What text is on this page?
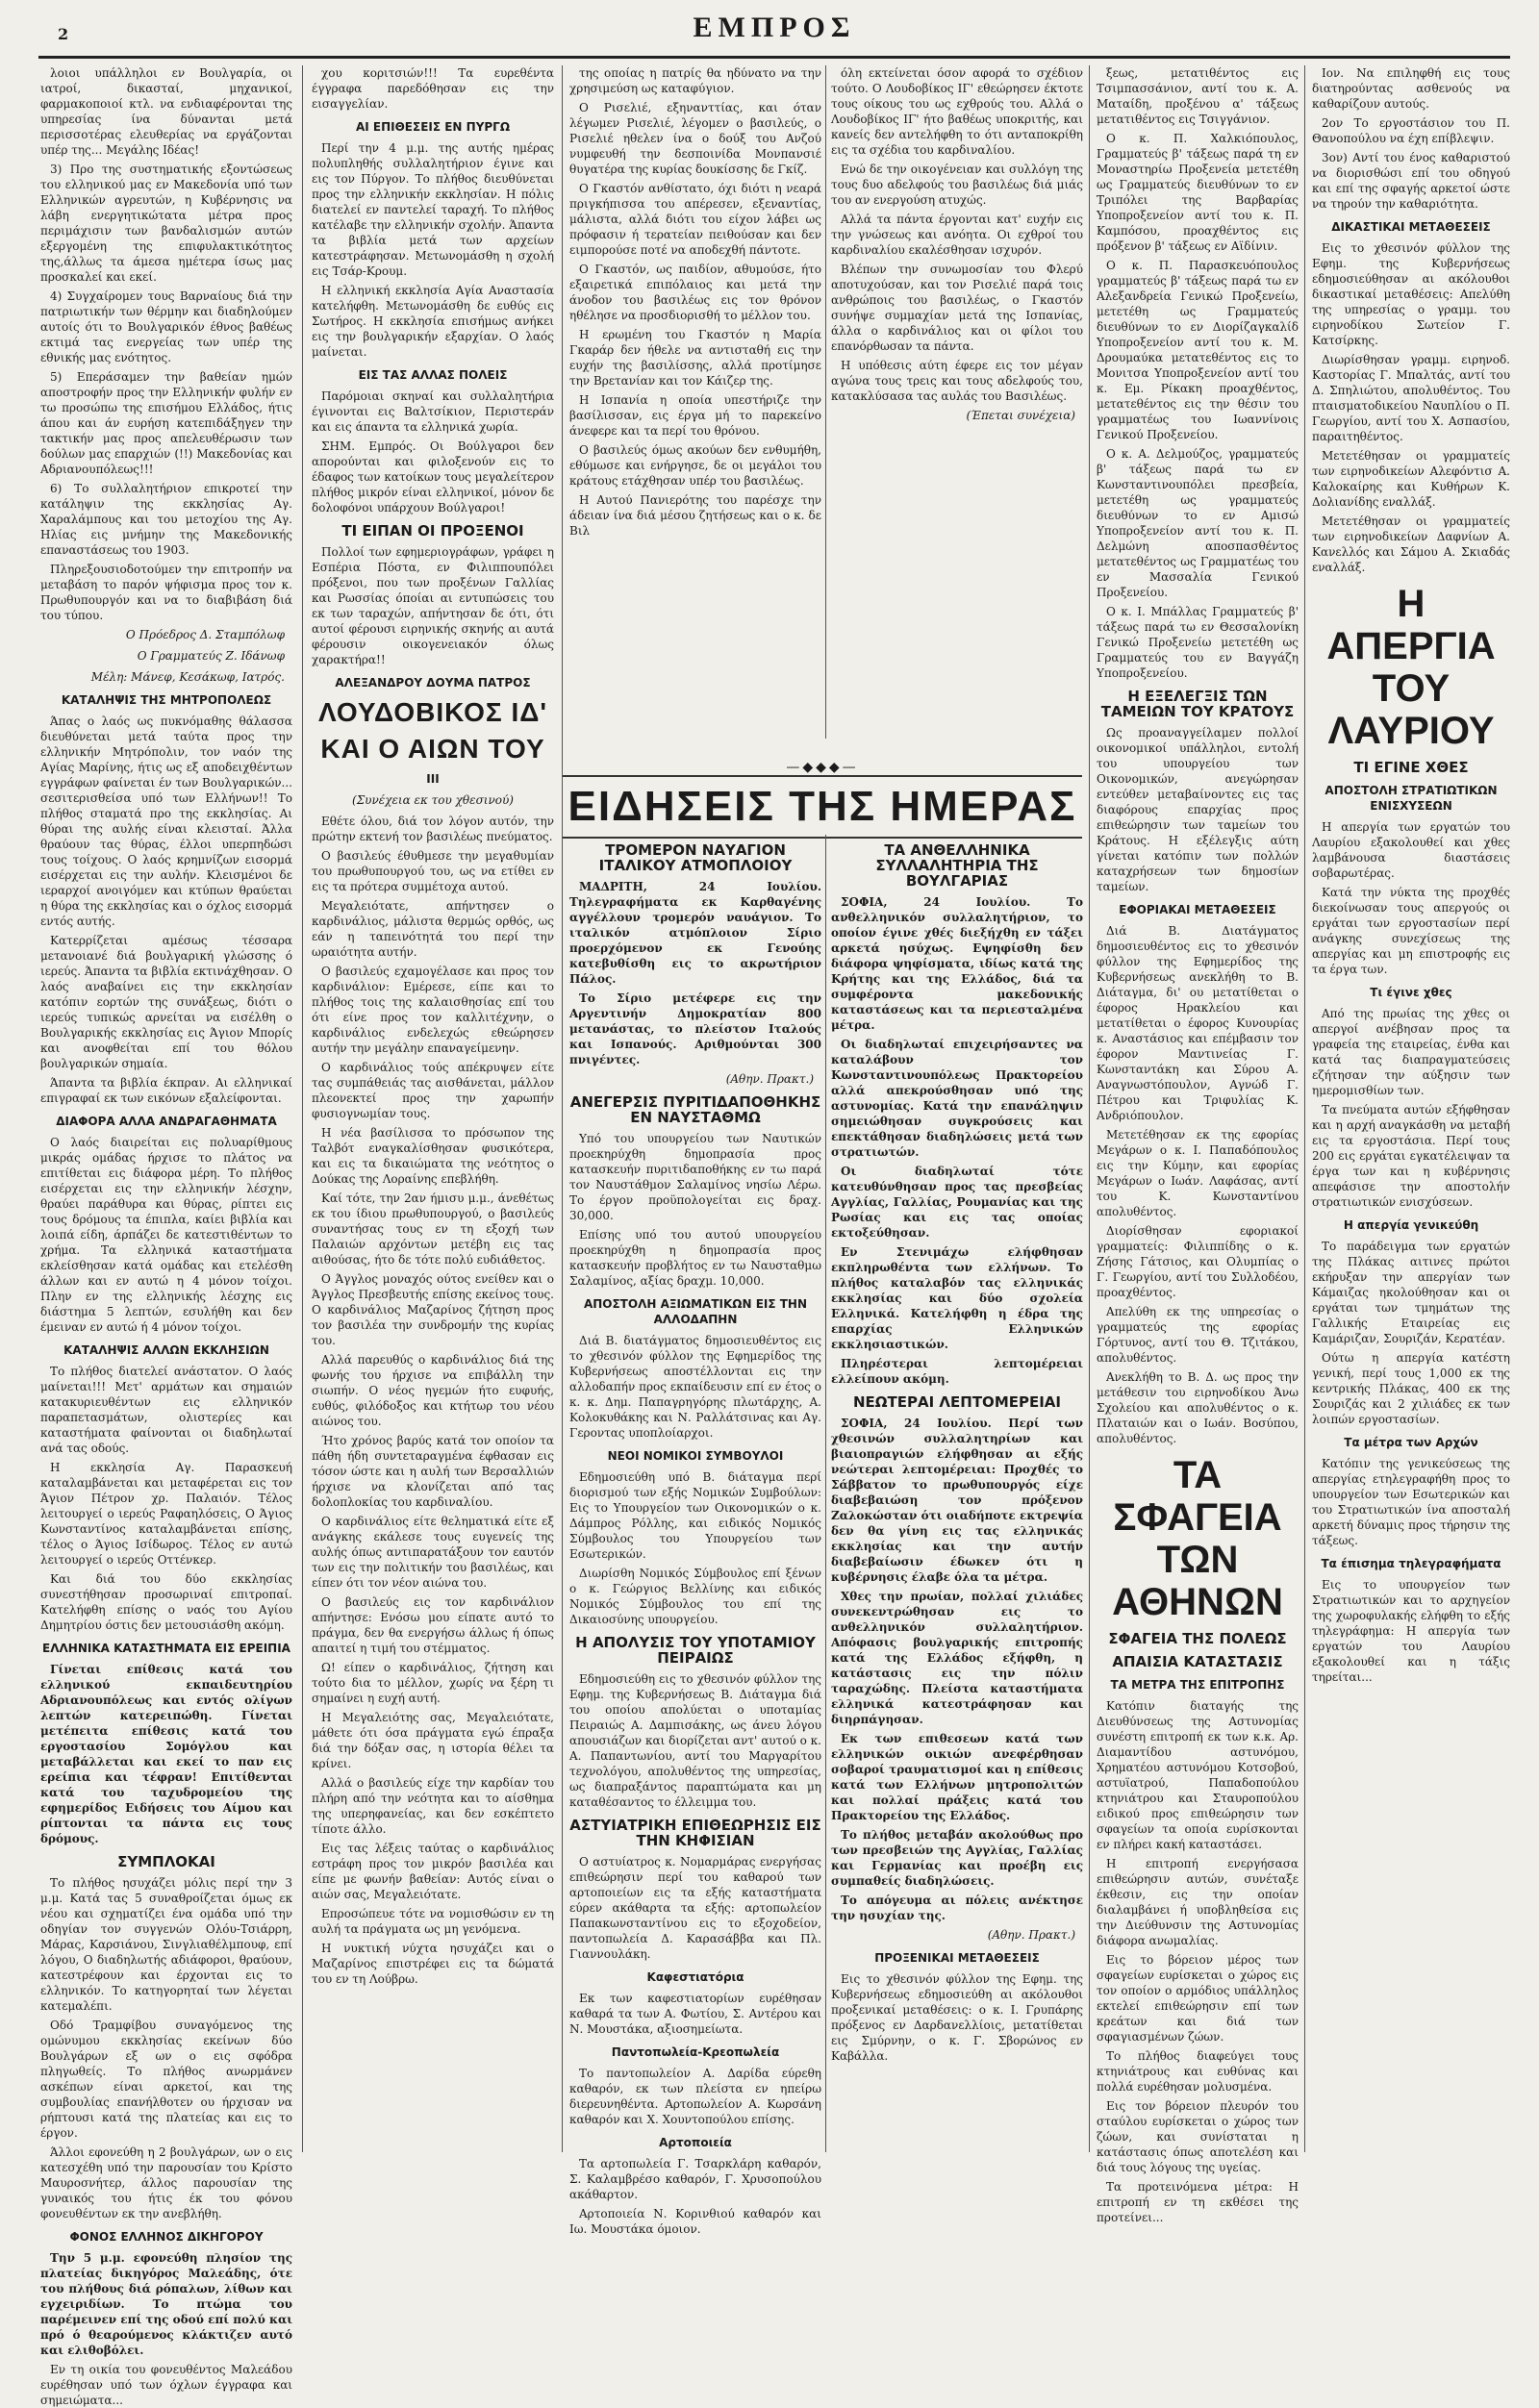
2	ΕΜΠΡΟΣ

λοιοι υπάλληλοι εν Βουλγαρία, οι ιατροί, δικασταί, μηχανικοί, φαρμακοποιοί κτλ. να ενδιαφέρονται της υπηρεσίας ίνα δύνανται μετά περισσοτέρας ελευθερίας να εργάζονται υπέρ της... Μεγάλης Ιδέας!

3) Προ της συστηματικής εξοντώσεως του ελληνικού μας εν Μακεδονία υπό των Ελληνικών αγρευτών, η Κυβέρνησις να λάβη ενεργητικώτατα μέτρα προς περιμάχισιν των βανδαλισμών αυτών εξεργομένη της επιφυλακτικότητος της,άλλως τα άμεσα ημέτερα ίσως μας προσκαλεί και εκεί.

4) Συγχαίρομεν τους Βαρναίους διά την πατριωτικήν των θέρμην και διαδηλούμεν αυτοίς ότι το Βουλγαρικόν έθνος βαθέως εκτιμά τας ενεργείας των υπέρ της εθνικής μας ενότητος.

5) Επεράσαμεν την βαθείαν ημών αποστροφήν προς την Ελληνικήν φυλήν εν τω προσώπω της επισήμου Ελλάδος, ήτις άπου και άν ευρήση κατεπιδάξηγεν την τακτικήν μας προς απελευθέρωσιν των δούλων μας επαρχιών (!!) Μακεδονίας και Αδριανουπόλεως!!!

6) Το συλλαλητήριον επικροτεί την κατάληψιν της εκκλησίας Αγ. Χαραλάμπους και του μετοχίου της Αγ. Ηλίας εις μνήμην της Μακεδονικής επαναστάσεως του 1903.

Πληρεξουσιοδοτούμεν την επιτροπήν να μεταβάση το παρόν ψήφισμα προς τον κ. Πρωθυπουργόν και να το διαβιβάση διά του τύπου.

Ο Πρόεδρος Δ. Σταμπόλωφ
Ο Γραμματεύς Ζ. Ιδάνωφ
Μέλη: Μάνεφ, Κεσάκωφ, Ιατρός.
ΚΑΤΑΛΗΨΙΣ ΤΗΣ ΜΗΤΡΟΠΟΛΕΩΣ

Άπας ο λαός ως πυκνόμαθης θάλασσα διευθύνεται μετά ταύτα προς την ελληνικήν Μητρόπολιν, τον ναόν της Αγίας Μαρίνης, ήτις ως εξ αποδειχθέντων εγγράφων φαίνεται έν των Βουλγαρικών... σεσιτερισθείσα υπό των Ελλήνων!! Το πλήθος σταματά προ της εκκλησίας. Αι θύραι της αυλής είναι κλεισταί. Άλλα θραύουν τας θύρας, έλλοι υπερπηδώσι τους τοίχους. Ο λαός κρημνίζων εισορμά εισέρχεται εις την αυλήν. Κλεισμένοι δε ιεραρχοί ανοιγόμεν και κτύπων θραύεται η θύρα της εκκλησίας και ο όχλος εισορμά εντός αυτής.

Κατερρίζεται αμέσως τέσσαρα μετανοιανέ διά βουλγαρική γλώσσης ό ιερεύς. Άπαντα τα βιβλία εκτινάχθησαν. Ο λαός αναβαίνει εις την εκκλησίαν κατόπιν εορτών της συνάξεως, διότι ο ιερεύς τυπικώς αρνείται να εισέλθη ο Βουλγαρικής εκκλησίας εις Άγιον Μπορίς και ανοφθείται επί του θόλου βουλγαρικών σημαία.

Άπαντα τα βιβλία έκπραν. Αι ελληνικαί επιγραφαί εκ των εικόνων εξαλείφονται.

ΔΙΑΦΟΡΑ ΑΛΛΑ ΑΝΔΡΑΓΑΘΗΜΑΤΑ

Ο λαός διαιρείται εις πολυαρίθμους μικράς ομάδας ήρχισε το πλάτος να επιτίθεται εις διάφορα μέρη. Το πλήθος εισέρχεται εις την ελληνικήν λέσχην, θραύει παράθυρα και θύρας, ρίπτει εις τους δρόμους τα έπιπλα, καίει βιβλία και λοιπά είδη, άρπάζει δε κατεστιθέντων το χρήμα. Τα ελληνικά καταστήματα εκλείσθησαν κατά ομάδας και ετελέσθη άλλων και εν αυτώ η 4 μόνον τοίχοι. Πλην εν της ελληνικής λέσχης εις διάστημα 5 λεπτών, εσυλήθη και δεν έμειναν εν αυτώ ή 4 μόνον τοίχοι.

ΚΑΤΑΛΗΨΙΣ ΑΛΛΩΝ ΕΚΚΛΗΣΙΩΝ

Το πλήθος διατελεί ανάστατον. Ο λαός μαίνεται!!! Μετ' αρμάτων και σημαιών κατακυριευθέντων εις ελληνικόν παραπετασμάτων, ολιστερίες και καταστήματα φαίνονται οι διαδηλωταί ανά τας οδούς.

Η εκκλησία Αγ. Παρασκευή καταλαμβάνεται και μεταφέρεται εις τον Άγιον Πέτρον χρ. Παλαιόν. Τέλος λειτουργεί ο ιερεύς Ραφαηλόσεις, Ο Άγιος Κωνσταντίνος καταλαμβάνεται επίσης, τέλος ο Άγιος Ισίδωρος. Τέλος εν αυτώ λειτουργεί ο ιερεύς Οττένκερ.

Και διά του δύο εκκλησίας συνεστήθησαν προσωριναί επιτροπαί. Κατελήφθη επίσης ο ναός του Αγίου Δημητρίου όστις δεν μετουσιάσθη ακόμη.

ΕΛΛΗΝΙΚΑ ΚΑΤΑΣΤΗΜΑΤΑ ΕΙΣ ΕΡΕΙΠΙΑ

Γίνεται επίθεσις κατά του ελληνικού εκπαιδευτηρίου Αδριανουπόλεως και εντός ολίγων λεπτών κατερειπώθη. Γίνεται μετέπειτα επίθεσις κατά του εργοστασίου Σομόγλου και μεταβάλλεται και εκεί το παν εις ερείπια και τέφραν! Επιτίθενται κατά του ταχυδρομείου της εφημερίδος Ειδήσεις του Αίμου και ρίπτονται τα πάντα εις τους δρόμους.

ΣΥΜΠΛΟΚΑΙ

Το πλήθος ησυχάζει μόλις περί την 3 μ.μ. Κατά τας 5 συναθροίζεται όμως εκ νέου και σχηματίζει ένα ομάδα υπό την οδηγίαν τον συγγενών Ολόυ-Τσιάρρη, Μάρας, Καρσιάνου, Σινγλιαθέλμπουφ, επί λόγου, Ο διαδηλωτής αδιάφοροι, θραύουν, κατεστρέφουν και έρχονται εις το ελληνικόν. Το κατηγορηταί των λέγεται κατεμαλέπι.

Οδό Τραμφίβου συναγόμενος της ομώνυμου εκκλησίας εκείνων δύο Βουλγάρων εξ ων ο εις σφόδρα πληγωθείς. Το πλήθος ανωρμάνεν ασκέπων είναι αρκετοί, και της συμβουλίας επανήλθοτεν ου ήρχισαν να ρήπτουσι κατά της πλατείας και εις το έργον.

Άλλοι εφονεύθη η 2 βουλγάρων, ων ο εις κατεσχέθη υπό την παρουσίαν του Κρίστο Μαυροσνήτερ, άλλος παρουσίαν της γυναικός του ήτις έκ του φόνου φονευθέντων εκ την ανεβλήθη.

ΦΟΝΟΣ ΕΛΛΗΝΟΣ ΔΙΚΗΓΟΡΟΥ

Την 5 μ.μ. εφονεύθη πλησίον της πλατείας δικηγόρος Μαλεάδης, ότε του πλήθους διά ρόπαλων, λίθων και εγχειριδίων. Το πτώμα του παρέμεινεν επί της οδού επί πολύ και πρό ό θεαρούμενος κλάκτιζεν αυτό και ελιθοβόλει.

Εν τη οικία του φονευθέντος Μαλεάδου ευρέθησαν υπό των όχλων έγγραφα και σημειώματα...

χου κοριτσιών!!! Τα ευρεθέντα έγγραφα παρεδόθησαν εις την εισαγγελίαν.

ΑΙ ΕΠΙΘΕΣΕΙΣ ΕΝ ΠΥΡΓΩ

Περί την 4 μ.μ. της αυτής ημέρας πολυπληθής συλλαλητήριον έγινε και εις τον Πύργον. Το πλήθος διευθύνεται προς την ελληνικήν εκκλησίαν. Η πόλις διατελεί εν παντελεί ταραχή. Το πλήθος κατέλαβε την ελληνικήν σχολήν. Άπαντα τα βιβλία μετά των αρχείων κατεστράφησαν. Μετωνομάσθη η σχολή εις Τσάρ-Κρουμ.

Η ελληνική εκκλησία Αγία Αναστασία κατελήφθη. Μετωνομάσθη δε ευθύς εις Σωτήρος. Η εκκλησία επισήμως ανήκει εις την βουλγαρικήν εξαρχίαν. Ο λαός μαίνεται.

ΕΙΣ ΤΑΣ ΑΛΛΑΣ ΠΟΛΕΙΣ

Παρόμοιαι σκηναί και συλλαλητήρια έγινονται εις Βαλτσίκιον, Περιστεράν και εις άπαντα τα ελληνικά χωρία.

ΣΗΜ. Εμπρός. Οι Βούλγαροι δεν απορούνται και φιλοξενούν εις το έδαφος των κατοίκων τους μεγαλείτερον πλήθος μικρόν είναι ελληνικοί, μόνον δε δολοφόνοι υπάρχουν Βούλγαροι!

ΤΙ ΕΙΠΑΝ ΟΙ ΠΡΟΞΕΝΟΙ

Πολλοί των εφημεριογράφων, γράφει η Εσπέρια Πόστα, εν Φιλιππουπόλει πρόξενοι, που των προξένων Γαλλίας και Ρωσσίας όποίαι αι εντυπώσεις του εκ των ταραχών, απήντησαν δε ότι, ότι αυτοί φέρουσι ειρηνικής σκηνής αι αυτά φέρουσιν οικογενειακόν όλως χαρακτήρα!!

ΑΛΕΞΑΝΔΡΟΥ ΔΟΥΜΑ ΠΑΤΡΟΣ
ΛΟΥΔΟΒΙΚΟΣ ΙΔ'
ΚΑΙ Ο ΑΙΩΝ ΤΟΥ
ΙΙΙ
(Συνέχεια εκ του χθεσινού)

Εθέτε όλου, διά τον λόγον αυτόν, την πρώτην εκτενή τον βασιλέως πνεύματος.

Ο βασιλεύς έθυθμεσε την μεγαθυμίαν του πρωθυπουργού του, ως να ετίθει εν εις τα πρότερα συμμέτοχα αυτού.

Μεγαλειότατε, απήντησεν ο καρδινάλιος, μάλιστα θερμώς ορθός, ως εάν η ταπεινότητά του περί την ωραιότητα αυτήν.

Ο βασιλεύς εχαμογέλασε και προς τον καρδινάλιον: Εμέρεσε, είπε και το πλήθος τοις της καλαισθησίας επί του ότι είνε προς τον καλλιτέχνην, ο καρδινάλιος ενδελεχώς εθεώρησεν αυτήν την μεγάλην επαναγείμενην.

Ο καρδινάλιος τούς απέκρυψεν είτε τας συμπάθειάς τας αισθάνεται, μάλλον πλεονεκτεί προς την χαρωπήν φυσιογνωμίαν τους.

Η νέα βασίλισσα το πρόσωπον της Ταλβότ εναγκαλίσθησαν φυσικότερα, και εις τα δικαιώματα της νεότητος ο Δούκας της Λοραίνης επεβλήθη.

Καί τότε, την 2αν ήμισυ μ.μ., άνεθέτως εκ του ίδιου πρωθυπουργού, ο βασιλεύς συναντήσας τους εν τη εξοχή των Παλαιών αρχόντων μετέβη εις τας αιθούσας, ήτο δε τότε πολύ ευδιάθετος.

Ο Άγγλος μοναχός ούτος ενείθεν και ο Άγγλος Πρεσβευτής επίσης εκείνος τους. Ο καρδινάλιος Μαζαρίνος ζήτηση προς τον βασιλέα την συνδρομήν της κυρίας του.

Αλλά παρευθύς ο καρδινάλιος διά της φωνής του ήρχισε να επιβάλλη την σιωπήν. Ο νέος ηγεμών ήτο ευφυής, ευθύς, φιλόδοξος και κτήτωρ του νέου αιώνος του.

Ήτο χρόνος βαρύς κατά τον οποίον τα πάθη ήδη συντεταραγμένα έφθασαν εις τόσον ώστε και η αυλή των Βερσαλλιών ήρχισε να κλονίζεται από τας δολοπλοκίας του καρδιναλίου.

Ο καρδινάλιος είτε θεληματικά είτε εξ ανάγκης εκάλεσε τους ευγενείς της αυλής όπως αντιπαρατάξουν τον εαυτόν των εις την πολιτικήν του βασιλέως, και είπεν ότι τον νέον αιώνα του.

Ο βασιλεύς εις τον καρδινάλιον απήντησε: Ενόσω μου είπατε αυτό το πράγμα, δεν θα ενεργήσω άλλως ή όπως απαιτεί η τιμή του στέμματος.

Ω! είπεν ο καρδινάλιος, ζήτηση και τούτο δια το μέλλον, χωρίς να ξέρη τι σημαίνει η ευχή αυτή.

Η Μεγαλειότης σας, Μεγαλειότατε, μάθετε ότι όσα πράγματα εγώ έπραξα διά την δόξαν σας, η ιστορία θέλει τα κρίνει.

Αλλά ο βασιλεύς είχε την καρδίαν του πλήρη από την νεότητα και το αίσθημα της υπερηφανείας, και δεν εσκέπτετο τίποτε άλλο.

Εις τας λέξεις ταύτας ο καρδινάλιος εστράφη προς τον μικρόν βασιλέα και είπε με φωνήν βαθείαν: Αυτός είναι ο αιών σας, Μεγαλειότατε.

Επροσώπευε τότε να νομισθώσιν εν τη αυλή τα πράγματα ως μη γενόμενα.

Η νυκτική νύχτα ησυχάζει και ο Μαζαρίνος επιστρέφει εις τα δώματά του εν τη Λούβρω.

της οποίας η πατρίς θα ηδύνατο να την χρησιμεύση ως καταφύγιον.

Ο Ρισελιέ, εξηνανττίας, και όταν λέγωμεν Ρισελιέ, λέγομεν ο βασιλεύς, ο Ρισελιέ ηθελεν ίνα ο δούξ του Ανζού νυμφευθή την δεσποινίδα Μονπανσιέ θυγατέρα της κυρίας δουκίσσης δε Γκίζ.

Ο Γκαστόν ανθίστατο, όχι διότι η νεαρά πριγκήπισσα του απέρεσεν, εξεναντίας, μάλιστα, αλλά διότι του είχον λάβει ως πρόφασιν ή τερατείαν πειθούσαν και δεν ειμπορούσε ποτέ να αποδεχθή πάντοτε.

Ο Γκαστόν, ως παιδίον, αθυμούσε, ήτο εξαιρετικά επιπόλαιος και μετά την άνοδον του βασιλέως εις τον θρόνον ηθέλησε να προσδιορισθή το μέλλον του.

Η ερωμένη του Γκαστόν η Μαρία Γκαράρ δεν ήθελε να αντισταθή εις την ευχήν της βασιλίσσης, αλλά προτίμησε την Βρετανίαν και τον Κάιζερ της.

Η Ισπανία η οποία υπεστήριζε την βασίλισσαν, εις έργα μή το παρεκείνο άνεφερε και τα περί του θρόνου.

Ο βασιλεύς όμως ακούων δεν ενθυμήθη, εθύμωσε και ενήργησε, δε οι μεγάλοι του κράτους ετάχθησαν υπέρ του βασιλέως.

Η Αυτού Πανιερότης του παρέσχε την άδειαν ίνα διά μέσου ζητήσεως και ο κ. δε Βιλ

όλη εκτείνεται όσον αφορά το σχέδιον τούτο. Ο Λουδοβίκος ΙΓ' εθεώρησεν έκτοτε τους οίκους του ως εχθρούς του. Αλλά ο Λουδοβίκος ΙΓ' ήτο βαθέως υποκριτής, και κανείς δεν αντελήφθη το ότι ανταποκρίθη εις τα σχέδια του καρδιναλίου.

Ενώ δε την οικογένειαν και συλλόγη της τους δυο αδελφούς του βασιλέως διά μιάς του αν ενεργούση ατυχώς.

Αλλά τα πάντα έργονται κατ' ευχήν εις την γνώσεως και ανόητα. Οι εχθροί του καρδιναλίου εκαλέσθησαν ισχυρόν.

Βλέπων την συνωμοσίαν του Φλερύ αποτυχούσαν, και τον Ρισελιέ παρά τοις ανθρώποις του βασιλέως, ο Γκαστόν συνήψε συμμαχίαν μετά της Ισπανίας, άλλα ο καρδινάλιος και οι φίλοι του επανόρθωσαν τα πάντα.

Η υπόθεσις αύτη έφερε εις τον μέγαν αγώνα τους τρεις και τους αδελφούς του, κατακλύσασα τας αυλάς του Βασιλέως.

(Έπεται συνέχεια)
—◆◆◆—
ΕΙΔΗΣΕΙΣ ΤΗΣ ΗΜΕΡΑΣ
ΤΡΟΜΕΡΟΝ ΝΑΥΑΓΙΟΝ ΙΤΑΛΙΚΟΥ ΑΤΜΟΠΛΟΙΟΥ

ΜΑΔΡΙΤΗ, 24 Ιουλίου. Τηλεγραφήματα εκ Καρθαγένης αγγέλλουν τρομερόν ναυάγιον. Το ιταλικόν ατμόπλοιον Σίριο προερχόμενον εκ Γενούης κατεβυθίσθη εις το ακρωτήριον Πάλος.

Το Σίριο μετέφερε εις την Αργεντινήν Δημοκρατίαν 800 μετανάστας, το πλείστον Ιταλούς και Ισπανούς. Αριθμούνται 300 πνιγέντες.

(Αθην. Πρακτ.)
ΑΝΕΓΕΡΣΙΣ ΠΥΡΙΤΙΔΑΠΟΘΗΚΗΣ ΕΝ ΝΑΥΣΤΑΘΜΩ

Υπό του υπουργείου των Ναυτικών προεκηρύχθη δημοπρασία προς κατασκευήν πυριτιδαποθήκης εν τω παρά τον Ναυστάθμον Σαλαμίνος νησίω Λέρω. Το έργον προϋπολογείται εις δραχ. 30,000.

Επίσης υπό του αυτού υπουργείου προεκηρύχθη η δημοπρασία προς κατασκευήν προβλήτος εν τω Ναυσταθμω Σαλαμίνος, αξίας δραχμ. 10,000.

ΑΠΟΣΤΟΛΗ ΑΞΙΩΜΑΤΙΚΩΝ ΕΙΣ ΤΗΝ ΑΛΛΟΔΑΠΗΝ

Διά Β. διατάγματος δημοσιευθέντος εις το χθεσινόν φύλλον της Εφημερίδος της Κυβερνήσεως αποστέλλονται εις την αλλοδαπήν προς εκπαίδευσιν επί εν έτος ο κ. κ. Δημ. Παπαγρηγόρης πλωτάρχης, Α. Κολοκυθάκης και Ν. Ραλλάτσινας και Αγ. Γεροντας υποπλοίαρχοι.

ΝΕΟΙ ΝΟΜΙΚΟΙ ΣΥΜΒΟΥΛΟΙ

Εδημοσιεύθη υπό Β. διάταγμα περί διορισμού των εξής Νομικών Συμβούλων: Εις το Υπουργείον των Οικονομικών ο κ. Δάμπρος Ρόλλης, και ειδικός Νομικός Σύμβουλος του Υπουργείου των Εσωτερικών.

Διωρίσθη Νομικός Σύμβουλος επί ξένων ο κ. Γεώργιος Βελλίνης και ειδικός Νομικός Σύμβουλος του επί της Δικαιοσύνης υπουργείου.

Η ΑΠΟΛΥΣΙΣ ΤΟΥ ΥΠΟΤΑΜΙΟΥ ΠΕΙΡΑΙΩΣ

Εδημοσιεύθη εις το χθεσινόν φύλλον της Εφημ. της Κυβερνήσεως Β. Διάταγμα διά του οποίου απολύεται ο υποταμίας Πειραιώς Α. Δαμπισάκης, ως άνευ λόγου απουσιάζων και διορίζεται αντ' αυτού ο κ. Α. Παπαντωνίου, αντί του Μαργαρίτου τεχνολόγου, απολυθέντος της υπηρεσίας, ως διαπραξάντος παραπτώματα και μη καταθέσαντος το έλλειμμα του.

ΑΣΤΥΙΑΤΡΙΚΗ ΕΠΙΘΕΩΡΗΣΙΣ ΕΙΣ ΤΗΝ ΚΗΦΙΣΙΑΝ

Ο αστυίατρος κ. Νομαρμάρας ενεργήσας επιθεώρησιν περί του καθαρού των αρτοποιείων εις τα εξής καταστήματα εύρεν ακάθαρτα τα εξής: αρτοπωλείον Παπακωνσταντίνου εις το εξοχοδείον, παντοπωλεία Δ. Καρασάββα και Πλ. Γιαννουλάκη.

Καφεστιατόρια

Εκ των καφεστιατορίων ευρέθησαν καθαρά τα των Α. Φωτίου, Σ. Αντέρου και Ν. Μουστάκα, αξιοσημείωτα.

Παντοπωλεία-Κρεοπωλεία

Το παντοπωλείον Α. Δαρίδα εύρεθη καθαρόν, εκ των πλείστα εν ηπείρω διερευνηθέντα. Αρτοπωλείον Α. Κωρσάνη καθαρόν και Χ. Χουντοπούλου επίσης.

Αρτοποιεία

Τα αρτοπωλεία Γ. Τσαρκλάρη καθαρόν, Σ. Καλαμβρέσο καθαρόν, Γ. Χρυσοπούλου ακάθαρτον.

Αρτοποιεία Ν. Κορινθιού καθαρόν και Ιω. Μουστάκα όμοιον.

ΤΑ ΑΝΘΕΛΛΗΝΙΚΑ ΣΥΛΛΑΛΗΤΗΡΙΑ ΤΗΣ ΒΟΥΛΓΑΡΙΑΣ

ΣΟΦΙΑ, 24 Ιουλίου. Το ανθελληνικόν συλλαλητήριον, το οποίον έγινε χθές διεξήχθη εν τάξει αρκετά ησύχως. Εψηφίσθη δεν διάφορα ψηφίσματα, ιδίως κατά της Κρήτης και της Ελλάδος, διά τα συμφέροντα μακεδονικής καταστάσεως και τα περιεσταλμένα μέτρα.

Οι διαδηλωταί επιχειρήσαντες να καταλάβουν τον Κωνσταντινουπόλεως Πρακτορείου αλλά απεκρούσθησαν υπό της αστυνομίας. Κατά την επανάληψιν σημειώθησαν συγκρούσεις και επεκτάθησαν διαδηλώσεις μετά των στρατιωτών.

Οι διαδηλωταί τότε κατευθύνθησαν προς τας πρεσβείας Αγγλίας, Γαλλίας, Ρουμανίας και της Ρωσίας και εις τας οποίας εκτοξεύθησαν.

Εν Στενιμάχω ελήφθησαν εκπληρωθέντα των ελλήνων. Το πλήθος καταλαβόν τας ελληνικάς εκκλησίας και δύο σχολεία Ελληνικά. Κατελήφθη η έδρα της επαρχίας Ελληνικών εκκλησιαστικών.

Πληρέστεραι λεπτομέρειαι ελλείπουν ακόμη.

ΝΕΩΤΕΡΑΙ ΛΕΠΤΟΜΕΡΕΙΑΙ

ΣΟΦΙΑ, 24 Ιουλίου. Περί των χθεσινών συλλαλητηρίων και βιαιοπραγιών ελήφθησαν αι εξής νεώτεραι λεπτομέρειαι: Προχθές το Σάββατον το πρωθυπουργός είχε διαβεβαιώση τον πρόξενον Ζαλοκώσταν ότι οιαδήποτε εκτρεψία δεν θα γίνη εις τας ελληνικάς εκκλησίας και την αυτήν διαβεβαίωσιν έδωκεν ότι η κυβέρνησις έλαβε όλα τα μέτρα.

Χθες την πρωίαν, πολλαί χιλιάδες συνεκεντρώθησαν εις το ανθελληνικόν συλλαλητήριον. Απόφασις βουλγαρικής επιτροπής κατά της Ελλάδος εξήφθη, η κατάστασις εις την πόλιν ταραχώδης. Πλείστα καταστήματα ελληνικά κατεστράφησαν και διηρπάγησαν.

Εκ των επιθεσεων κατά των ελληνικών οικιών ανεφέρθησαν σοβαροί τραυματισμοί και η επίθεσις κατά των Ελλήνων μητροπολιτών και πολλαί πράξεις κατά του Πρακτορείου της Ελλάδος.

Το πλήθος μεταβάν ακολούθως προ των πρεσβειών της Αγγλίας, Γαλλίας και Γερμανίας και προέβη εις συμπαθείς διαδηλώσεις.

Το απόγευμα αι πόλεις ανέκτησε την ησυχίαν της.

(Αθην. Πρακτ.)
ΠΡΟΞΕΝΙΚΑΙ ΜΕΤΑΘΕΣΕΙΣ

Εις το χθεσινόν φύλλον της Εφημ. της Κυβερνήσεως εδημοσιεύθη αι ακόλουθοι προξενικαί μεταθέσεις: ο κ. Ι. Γρυπάρης πρόξενος εν Δαρδανελλίοις, μετατίθεται εις Σμύρνην, ο κ. Γ. Σβορώνος εν Καβάλλα.

ξεως, μετατιθέντος εις Τσιμπασσάνιον, αντί του κ. Α. Ματαίδη, προξένου α' τάξεως μετατιθέντος εις Τσιγγάνιον.

Ο κ. Π. Χαλκιόπουλος, Γραμματεύς β' τάξεως παρά τη εν Μοναστηρίω Προξενεία μετετέθη ως Γραμματεύς διευθύνων το εν Τριπόλει της Βαρβαρίας Υποπροξενείον αντί του κ. Π. Καμπόσου, προαχθέντος εις πρόξενον β' τάξεως εν Αϊδίνιν.

Ο κ. Π. Παρασκευόπουλος γραμματεύς β' τάξεως παρά τω εν Αλεξανδρεία Γενικώ Προξενείω, μετετέθη ως Γραμματεύς διευθύνων το εν Διορίζαγκαλίδ Υποπροξενείον αντί του κ. Μ. Δρουμαύκα μετατεθέντος εις το Μονιτσα Υποπροξενείον αντί του κ. Εμ. Ρίκακη προαχθέντος, μετατεθέντος εις την θέσιν του γραμματέως του Ιωαννίνοις Γενικού Προξενείου.

Ο κ. Α. Δελμούζος, γραμματεύς β' τάξεως παρά τω εν Κωνσταντινουπόλει πρεσβεία, μετετέθη ως γραμματεύς διευθύνων το εν Αμισώ Υποπροξενείον αντί του κ. Π. Δελμώνη αποσπασθέντος μετατεθέντος ως Γραμματέως του εν Μασσαλία Γενικού Προξενείου.

Ο κ. Ι. Μπάλλας Γραμματεύς β' τάξεως παρά τω εν Θεσσαλονίκη Γενικώ Προξενείω μετετέθη ως Γραμματεύς του εν Βαγγάζη Υποπροξενείου.

Η ΕΞΕΛΕΓΞΙΣ ΤΩΝ ΤΑΜΕΙΩΝ ΤΟΥ ΚΡΑΤΟΥΣ

Ως προαναγγείλαμεν πολλοί οικονομικοί υπάλληλοι, εντολή του υπουργείου των Οικονομικών, ανεγώρησαν εντεύθεν μεταβαίνοντες εις τας διαφόρους επαρχίας προς επιθεώρησιν των ταμείων του Κράτους. Η εξέλεγξις αύτη γίνεται κατόπιν των πολλών καταχρήσεων των δημοσίων ταμείων.

ΕΦΟΡΙΑΚΑΙ ΜΕΤΑΘΕΣΕΙΣ

Διά Β. Διατάγματος δημοσιευθέντος εις το χθεσινόν φύλλον της Εφημερίδος της Κυβερνήσεως ανεκλήθη το Β. Διάταγμα, δι' ου μετατίθεται ο έφορος Ηρακλείου και μετατίθεται ο έφορος Κυνουρίας κ. Αναστάσιος και επέμβασιν τον έφορον Μαντινείας Γ. Κωνσταντάκη και Σύρου Α. Αναγνωστόπουλον, Αγνώδ Γ. Πέτρου και Τριφυλίας Κ. Ανδριόπουλον.

Μετετέθησαν εκ της εφορίας Μεγάρων ο κ. Ι. Παπαδόπουλος εις την Κύμην, και εφορίας Μεγάρων ο Ιωάν. Λαφάσας, αντί του Κ. Κωνσταντίνου απολυθέντος.

Διορίσθησαν εφοριακοί γραμματείς: Φιλιππίδης ο κ. Ζήσης Γάτσιος, και Ολυμπίας ο Γ. Γεωργίου, αντί του Συλλοδέου, προαχθέντος.

Απελύθη εκ της υπηρεσίας ο γραμματεύς της εφορίας Γόρτυνος, αντί του Θ. Τζιτάκου, απολυθέντος.

Ανεκλήθη το Β. Δ. ως προς την μετάθεσιν του ειρηνοδίκου Άνω Σχολείου και απολυθέντος ο κ. Πλαταιών και ο Ιωάν. Βοσύπου, απολυθέντος.

ΤΑ ΣΦΑΓΕΙΑ ΤΩΝ ΑΘΗΝΩΝ
ΣΦΑΓΕΙΑ ΤΗΣ ΠΟΛΕΩΣ
ΑΠΑΙΣΙΑ ΚΑΤΑΣΤΑΣΙΣ
ΤΑ ΜΕΤΡΑ ΤΗΣ ΕΠΙΤΡΟΠΗΣ

Κατόπιν διαταγής της Διευθύνσεως της Αστυνομίας συνέστη επιτροπή εκ των κ.κ. Αρ. Διαμαντίδου αστυνόμου, Χρηματέου αστυνόμου Κοτσοβού, αστυϊατρού, Παπαδοπούλου κτηνιάτρου και Σταυροπούλου ειδικού προς επιθεώρησιν των σφαγείων τα οποία ευρίσκονται εν πλήρει κακή καταστάσει.

Η επιτροπή ενεργήσασα επιθεώρησιν αυτών, συνέταξε έκθεσιν, εις την οποίαν διαλαμβάνει ή υποβληθείσα εις την Διεύθυνσιν της Αστυνομίας διάφορα ανωμαλίας.

Εις το βόρειον μέρος των σφαγείων ευρίσκεται ο χώρος εις τον οποίον ο αρμόδιος υπάλληλος εκτελεί επιθεώρησιν επί των κρεάτων και διά των σφαγιασμένων ζώων.

Το πλήθος διαφεύγει τους κτηνιάτρους και ευθύνας και πολλά ευρέθησαν μολυσμένα.

Εις τον βόρειον πλευρόν του σταύλου ευρίσκεται ο χώρος των ζώων, και συνίσταται η κατάστασις όπως αποτελέση και διά τους λόγους της υγείας.

Τα προτεινόμενα μέτρα: Η επιτροπή εν τη εκθέσει της προτείνει...

Ιον. Να επιληφθή εις τους διατηρούντας ασθενούς να καθαρίζουν αυτούς.

2ον Το εργοστάσιον του Π. Θανοπούλου να έχη επίβλεψιν.

3ον) Αντί του ένος καθαριστού να διορισθώσι επί του οδηγού και επί της σφαγής αρκετοί ώστε να τηρούν την καθαριότητα.

ΔΙΚΑΣΤΙΚΑΙ ΜΕΤΑΘΕΣΕΙΣ

Εις το χθεσινόν φύλλον της Εφημ. της Κυβερνήσεως εδημοσιεύθησαν αι ακόλουθοι δικαστικαί μεταθέσεις: Απελύθη της υπηρεσίας ο γραμμ. του ειρηνοδίκου Σωτείον Γ. Κατσίρκης.

Διωρίσθησαν γραμμ. ειρηνοδ. Καστορίας Γ. Μπαλτάς, αντί του Δ. Σπηλιώτου, απολυθέντος. Του πταισματοδικείου Ναυπλίου ο Π. Γεωργίου, αντί του Χ. Ασπασίου, παραιτηθέντος.

Μετετέθησαν οι γραμματείς των ειρηνοδικείων Αλεφόντισ Α. Καλοκαίρης και Κυθήρων Κ. Δολιανίδης εναλλάξ.

Μετετέθησαν οι γραμματείς των ειρηνοδικείων Δαφνίων Α. Κανελλός και Σάμου Α. Σκιαδάς εναλλάξ.

Η ΑΠΕΡΓΙΑ ΤΟΥ ΛΑΥΡΙΟΥ
ΤΙ ΕΓΙΝΕ ΧΘΕΣ
ΑΠΟΣΤΟΛΗ ΣΤΡΑΤΙΩΤΙΚΩΝ ΕΝΙΣΧΥΣΕΩΝ

Η απεργία των εργατών του Λαυρίου εξακολουθεί και χθες λαμβάνουσα διαστάσεις σοβαρωτέρας.

Κατά την νύκτα της προχθές διεκοίνωσαν τους απεργούς οι εργάται των εργοστασίων περί ανάγκης συνεχίσεως της απεργίας και μη επιστροφής εις τα έργα των.

Τι έγινε χθες

Από της πρωίας της χθες οι απεργοί ανέβησαν προς τα γραφεία της εταιρείας, ένθα και κατά τας διαπραγματεύσεις εζήτησαν την αύξησιν των ημερομισθίων των.

Τα πνεύματα αυτών εξήφθησαν και η αρχή αναγκάσθη να μεταβή εις τα εργοστάσια. Περί τους 200 εις εργάται εγκατέλειψαν τα έργα των και η κυβέρνησις απεφάσισε την αποστολήν στρατιωτικών ενισχύσεων.

Η απεργία γενικεύθη

Το παράδειγμα των εργατών της Πλάκας αιτινες πρώτοι εκήρυξαν την απεργίαν των Κάμαιζας ηκολούθησαν και οι εργάται των τμημάτων της Γαλλικής Εταιρείας εις Καμάριζαν, Σουριζάν, Κερατέαν.

Ούτω η απεργία κατέστη γενική, περί τους 1,000 εκ της κεντρικής Πλάκας, 400 εκ της Σουριζάς και 2 χιλιάδες εκ των λοιπών εργοστασίων.

Τα μέτρα των Αρχών

Κατόπιν της γενικεύσεως της απεργίας ετηλεγραφήθη προς το υπουργείον των Εσωτερικών και του Στρατιωτικών ίνα αποσταλή αρκετή δύναμις προς τήρησιν της τάξεως.

Τα έπισημα τηλεγραφήματα

Εις το υπουργείον των Στρατιωτικών και το αρχηγείον της χωροφυλακής ελήφθη το εξής τηλεγράφημα: Η απεργία των εργατών του Λαυρίου εξακολουθεί και η τάξις τηρείται...
